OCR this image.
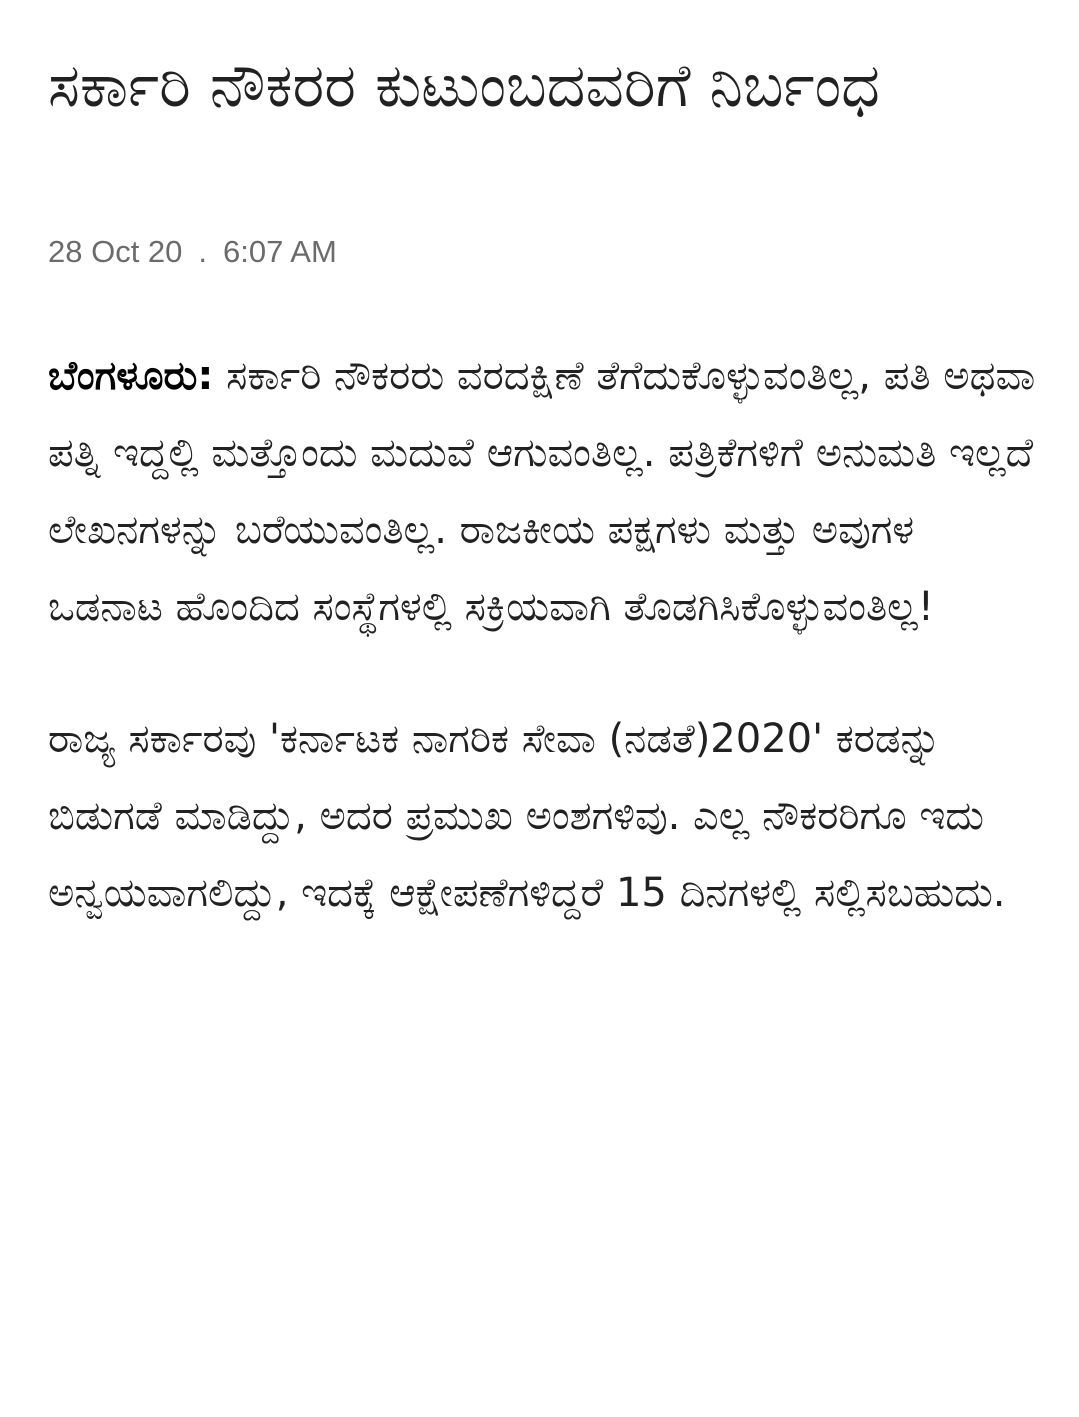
ಸರ್ಕಾರಿ ನೌಕರರ ಕುಟುಂಬದವರಿಗೆ ನಿರ್ಬಂಧ
28 Oct 20 . 6:07 AM

ಬೆಂಗಳೂರು: ಸರ್ಕಾರಿ ನೌಕರರು ವರದಕ್ಷಿಣೆ ತೆಗೆದುಕೊಳ್ಳುವಂತಿಲ್ಲ, ಪತಿ ಅಥವಾ ಪತ್ನಿ ಇದ್ದಲ್ಲಿ ಮತ್ತೊಂದು ಮದುವೆ ಆಗುವಂತಿಲ್ಲ. ಪತ್ರಿಕೆಗಳಿಗೆ ಅನುಮತಿ ಇಲ್ಲದೆ ಲೇಖನಗಳನ್ನು ಬರೆಯುವಂತಿಲ್ಲ. ರಾಜಕೀಯ ಪಕ್ಷಗಳು ಮತ್ತು ಅವುಗಳ ಒಡನಾಟ ಹೊಂದಿದ ಸಂಸ್ಥೆಗಳಲ್ಲಿ ಸಕ್ರಿಯವಾಗಿ ತೊಡಗಿಸಿಕೊಳ್ಳುವಂತಿಲ್ಲ!

ರಾಜ್ಯ ಸರ್ಕಾರವು 'ಕರ್ನಾಟಕ ನಾಗರಿಕ ಸೇವಾ (ನಡತೆ)2020' ಕರಡನ್ನು ಬಿಡುಗಡೆ ಮಾಡಿದ್ದು, ಅದರ ಪ್ರಮುಖ ಅಂಶಗಳಿವು. ಎಲ್ಲ ನೌಕರರಿಗೂ ಇದು ಅನ್ವಯವಾಗಲಿದ್ದು, ಇದಕ್ಕೆ ಆಕ್ಷೇಪಣೆಗಳಿದ್ದರೆ 15 ದಿನಗಳಲ್ಲಿ ಸಲ್ಲಿಸಬಹುದು.
